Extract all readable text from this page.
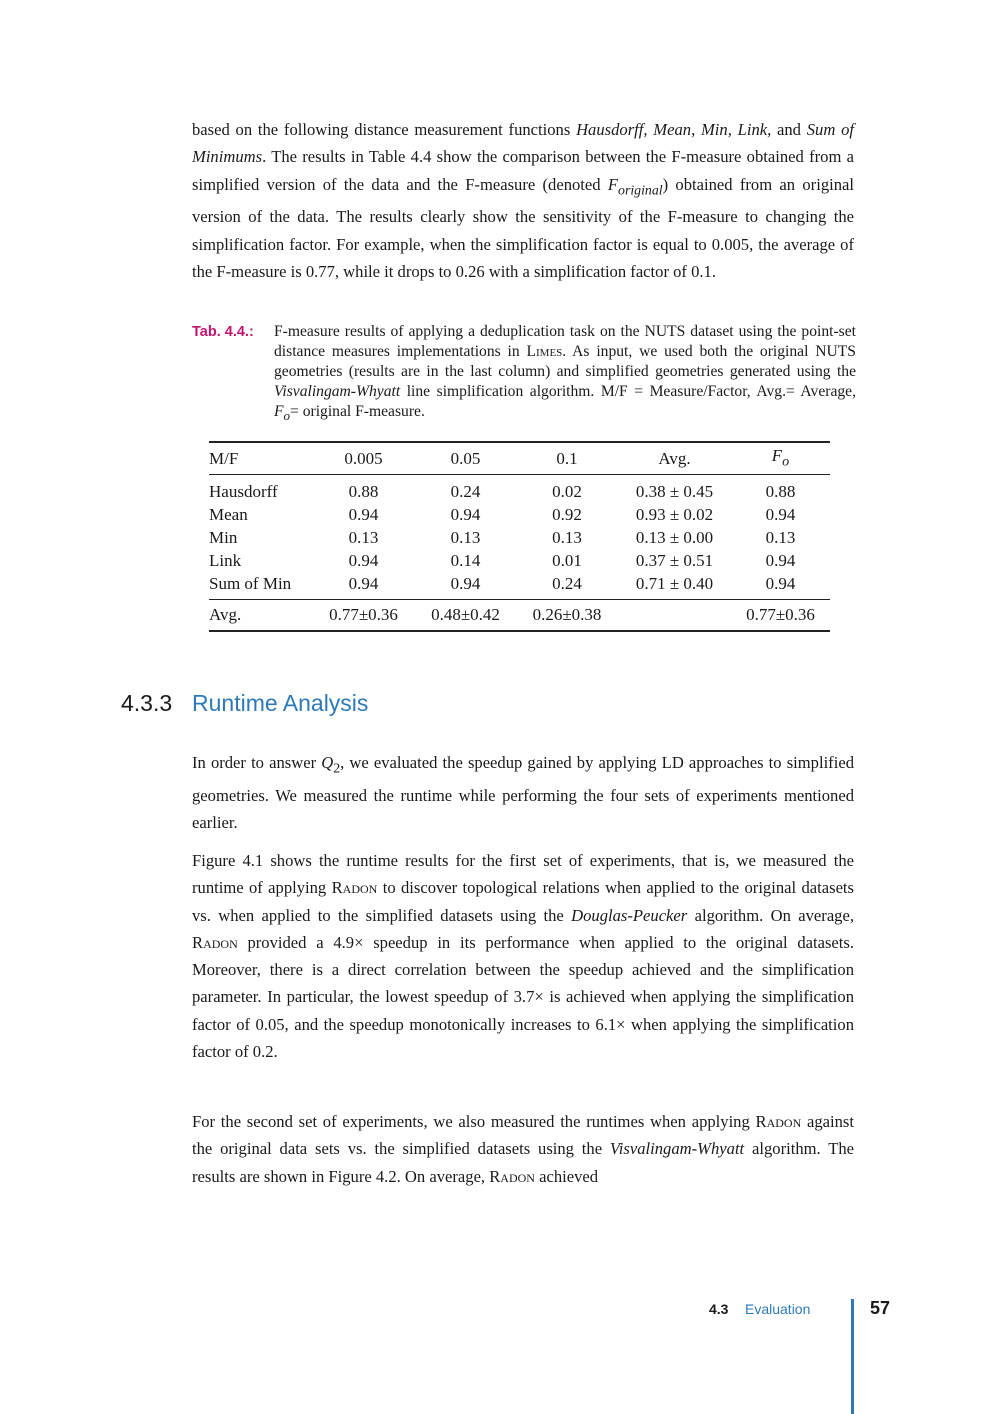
based on the following distance measurement functions Hausdorff, Mean, Min, Link, and Sum of Minimums. The results in Table 4.4 show the comparison between the F-measure obtained from a simplified version of the data and the F-measure (denoted $F_{original}$) obtained from an original version of the data. The results clearly show the sensitivity of the F-measure to changing the simplification factor. For example, when the simplification factor is equal to 0.005, the average of the F-measure is 0.77, while it drops to 0.26 with a simplification factor of 0.1.

Tab. 4.4.: F-measure results of applying a deduplication task on the NUTS dataset using the point-set distance measures implementations in Limes. As input, we used both the original NUTS geometries (results are in the last column) and simplified geometries generated using the Visvalingam-Whyatt line simplification algorithm. M/F = Measure/Factor, Avg.= Average, $F_o=$ original F-measure.
M/F	0.005	0.05	0.1	Avg.	$F_o$
Hausdorff	0.88	0.24	0.02	0.38 ± 0.45	0.88
Mean	0.94	0.94	0.92	0.93 ± 0.02	0.94
Min	0.13	0.13	0.13	0.13 ± 0.00	0.13
Link	0.94	0.14	0.01	0.37 ± 0.51	0.94
Sum of Min	0.94	0.94	0.24	0.71 ± 0.40	0.94
Avg.	0.77±0.36	0.48±0.42	0.26±0.38		0.77±0.36
4.3.3 Runtime Analysis

In order to answer $Q_2$, we evaluated the speedup gained by applying LD approaches to simplified geometries. We measured the runtime while performing the four sets of experiments mentioned earlier.

Figure 4.1 shows the runtime results for the first set of experiments, that is, we measured the runtime of applying Radon to discover topological relations when applied to the original datasets vs. when applied to the simplified datasets using the Douglas-Peucker algorithm. On average, Radon provided a 4.9× speedup in its performance when applied to the original datasets. Moreover, there is a direct correlation between the speedup achieved and the simplification parameter. In particular, the lowest speedup of 3.7× is achieved when applying the simplification factor of 0.05, and the speedup monotonically increases to 6.1× when applying the simplification factor of 0.2.

For the second set of experiments, we also measured the runtimes when applying Radon against the original data sets vs. the simplified datasets using the Visvalingam-Whyatt algorithm. The results are shown in Figure 4.2. On average, Radon achieved

4.3 Evaluation	57
